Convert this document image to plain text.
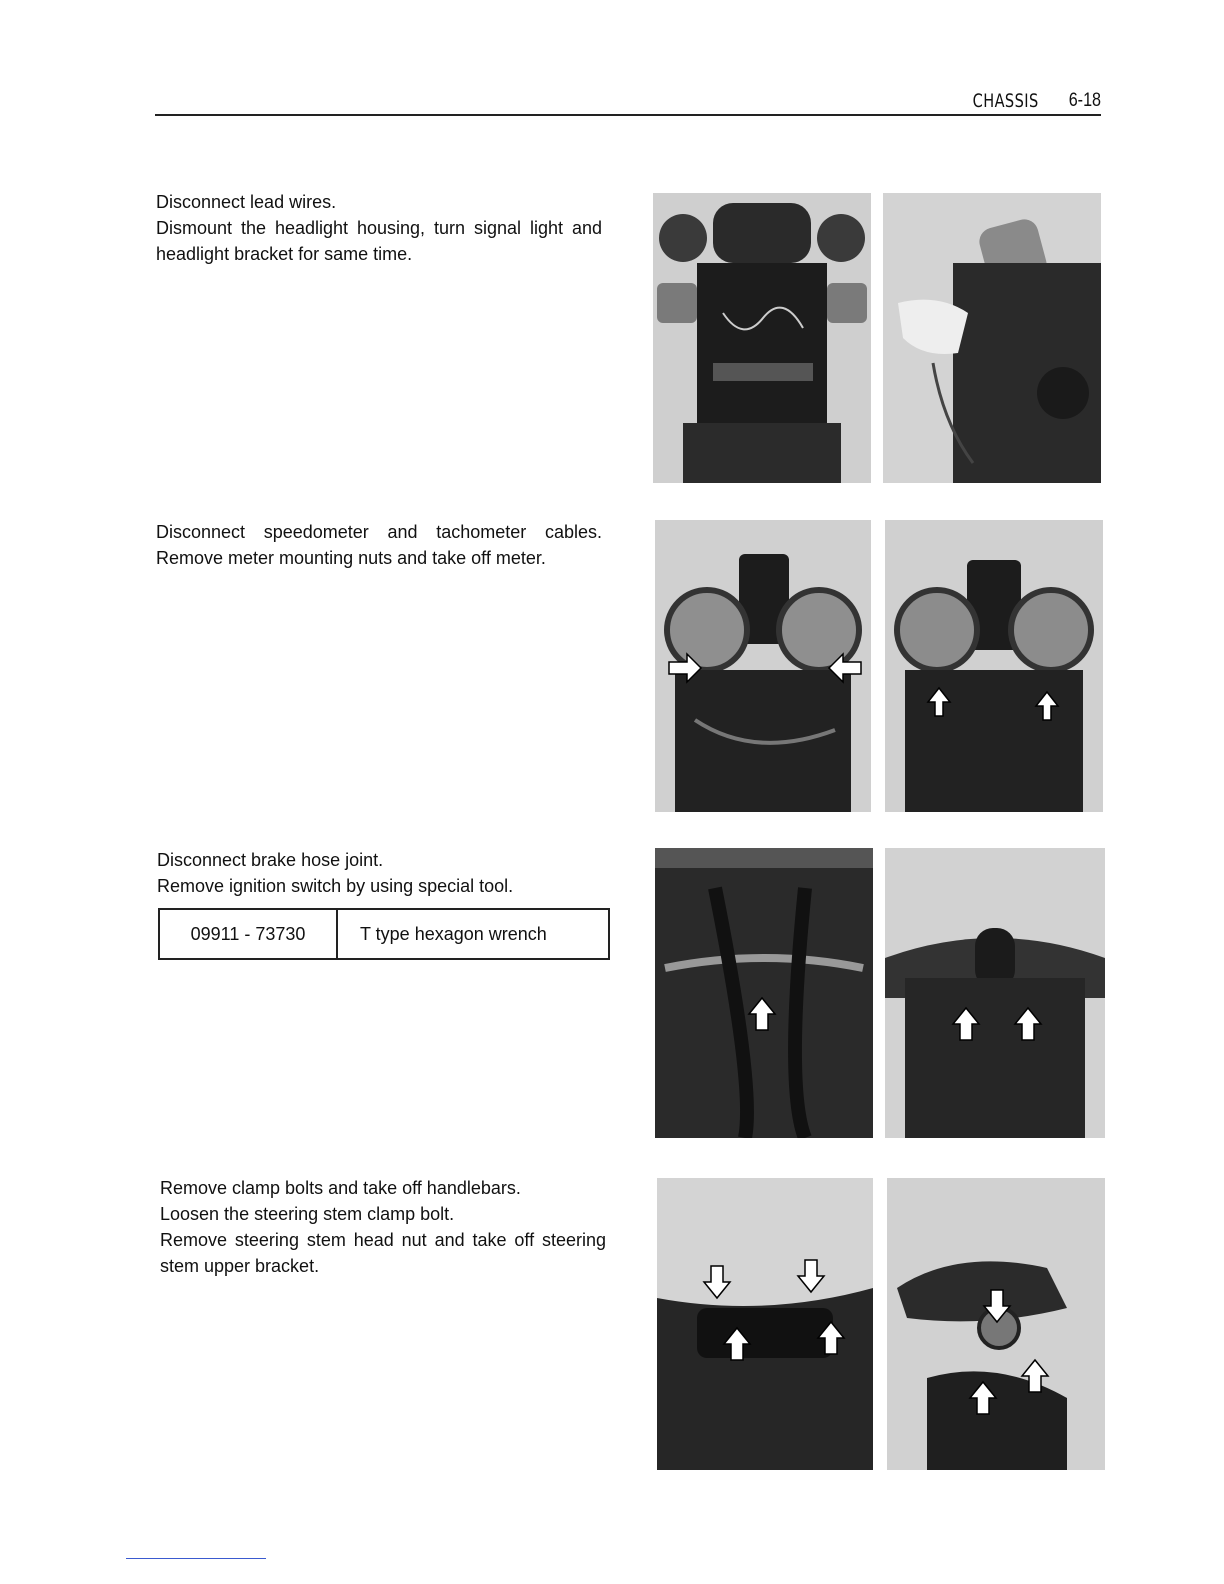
CHASSIS 6-18

Disconnect lead wires.

Dismount the headlight housing, turn signal light and headlight bracket for same time.

Disconnect speedometer and tachometer cables. Remove meter mounting nuts and take off meter.

Disconnect brake hose joint.

Remove ignition switch by using special tool.

09911 - 73730	T type hexagon wrench

Remove clamp bolts and take off handlebars.

Loosen the steering stem clamp bolt.

Remove steering stem head nut and take off steering stem upper bracket.
